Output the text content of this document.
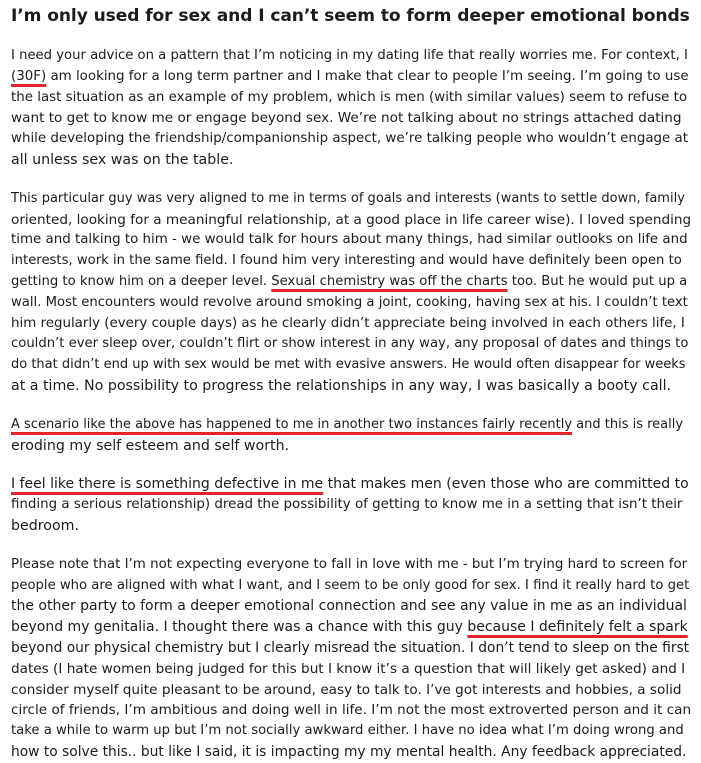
I’m only used for sex and I can’t seem to form deeper emotional bonds

I need your advice on a pattern that I’m noticing in my dating life that really worries me. For context, I
(30F) am looking for a long term partner and I make that clear to people I’m seeing. I’m going to use
the last situation as an example of my problem, which is men (with similar values) seem to refuse to
want to get to know me or engage beyond sex. We’re not talking about no strings attached dating
while developing the friendship/companionship aspect, we’re talking people who wouldn’t engage at
all unless sex was on the table.

This particular guy was very aligned to me in terms of goals and interests (wants to settle down, family
oriented, looking for a meaningful relationship, at a good place in life career wise). I loved spending
time and talking to him - we would talk for hours about many things, had similar outlooks on life and
interests, work in the same field. I found him very interesting and would have definitely been open to
getting to know him on a deeper level. Sexual chemistry was off the charts too. But he would put up a
wall. Most encounters would revolve around smoking a joint, cooking, having sex at his. I couldn’t text
him regularly (every couple days) as he clearly didn’t appreciate being involved in each others life, I
couldn’t ever sleep over, couldn’t flirt or show interest in any way, any proposal of dates and things to
do that didn’t end up with sex would be met with evasive answers. He would often disappear for weeks
at a time. No possibility to progress the relationships in any way, I was basically a booty call.

A scenario like the above has happened to me in another two instances fairly recently and this is really
eroding my self esteem and self worth.

I feel like there is something defective in me that makes men (even those who are committed to
finding a serious relationship) dread the possibility of getting to know me in a setting that isn’t their
bedroom.

Please note that I’m not expecting everyone to fall in love with me - but I’m trying hard to screen for
people who are aligned with what I want, and I seem to be only good for sex. I find it really hard to get
the other party to form a deeper emotional connection and see any value in me as an individual
beyond my genitalia. I thought there was a chance with this guy because I definitely felt a spark
beyond our physical chemistry but I clearly misread the situation. I don’t tend to sleep on the first
dates (I hate women being judged for this but I know it’s a question that will likely get asked) and I
consider myself quite pleasant to be around, easy to talk to. I’ve got interests and hobbies, a solid
circle of friends, I’m ambitious and doing well in life. I’m not the most extroverted person and it can
take a while to warm up but I’m not socially awkward either. I have no idea what I’m doing wrong and
how to solve this.. but like I said, it is impacting my my mental health. Any feedback appreciated.
